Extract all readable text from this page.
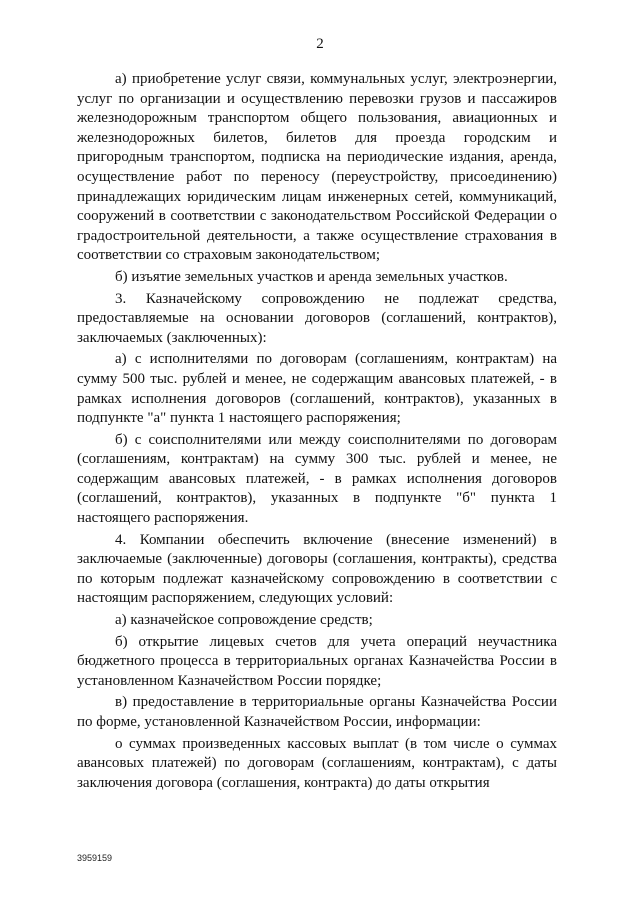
2

а) приобретение услуг связи, коммунальных услуг, электроэнергии, услуг по организации и осуществлению перевозки грузов и пассажиров железнодорожным транспортом общего пользования, авиационных и железнодорожных билетов, билетов для проезда городским и пригородным транспортом, подписка на периодические издания, аренда, осуществление работ по переносу (переустройству, присоединению) принадлежащих юридическим лицам инженерных сетей, коммуникаций, сооружений в соответствии с законодательством Российской Федерации о градостроительной деятельности, а также осуществление страхования в соответствии со страховым законодательством;

б) изъятие земельных участков и аренда земельных участков.

3. Казначейскому сопровождению не подлежат средства, предоставляемые на основании договоров (соглашений, контрактов), заключаемых (заключенных):

а) с исполнителями по договорам (соглашениям, контрактам) на сумму 500 тыс. рублей и менее, не содержащим авансовых платежей, - в рамках исполнения договоров (соглашений, контрактов), указанных в подпункте "а" пункта 1 настоящего распоряжения;

б) с соисполнителями или между соисполнителями по договорам (соглашениям, контрактам) на сумму 300 тыс. рублей и менее, не содержащим авансовых платежей, - в рамках исполнения договоров (соглашений, контрактов), указанных в подпункте "б" пункта 1 настоящего распоряжения.

4. Компании обеспечить включение (внесение изменений) в заключаемые (заключенные) договоры (соглашения, контракты), средства по которым подлежат казначейскому сопровождению в соответствии с настоящим распоряжением, следующих условий:

а) казначейское сопровождение средств;

б) открытие лицевых счетов для учета операций неучастника бюджетного процесса в территориальных органах Казначейства России в установленном Казначейством России порядке;

в) предоставление в территориальные органы Казначейства России по форме, установленной Казначейством России, информации:

о суммах произведенных кассовых выплат (в том числе о суммах авансовых платежей) по договорам (соглашениям, контрактам), с даты заключения договора (соглашения, контракта) до даты открытия

3959159
